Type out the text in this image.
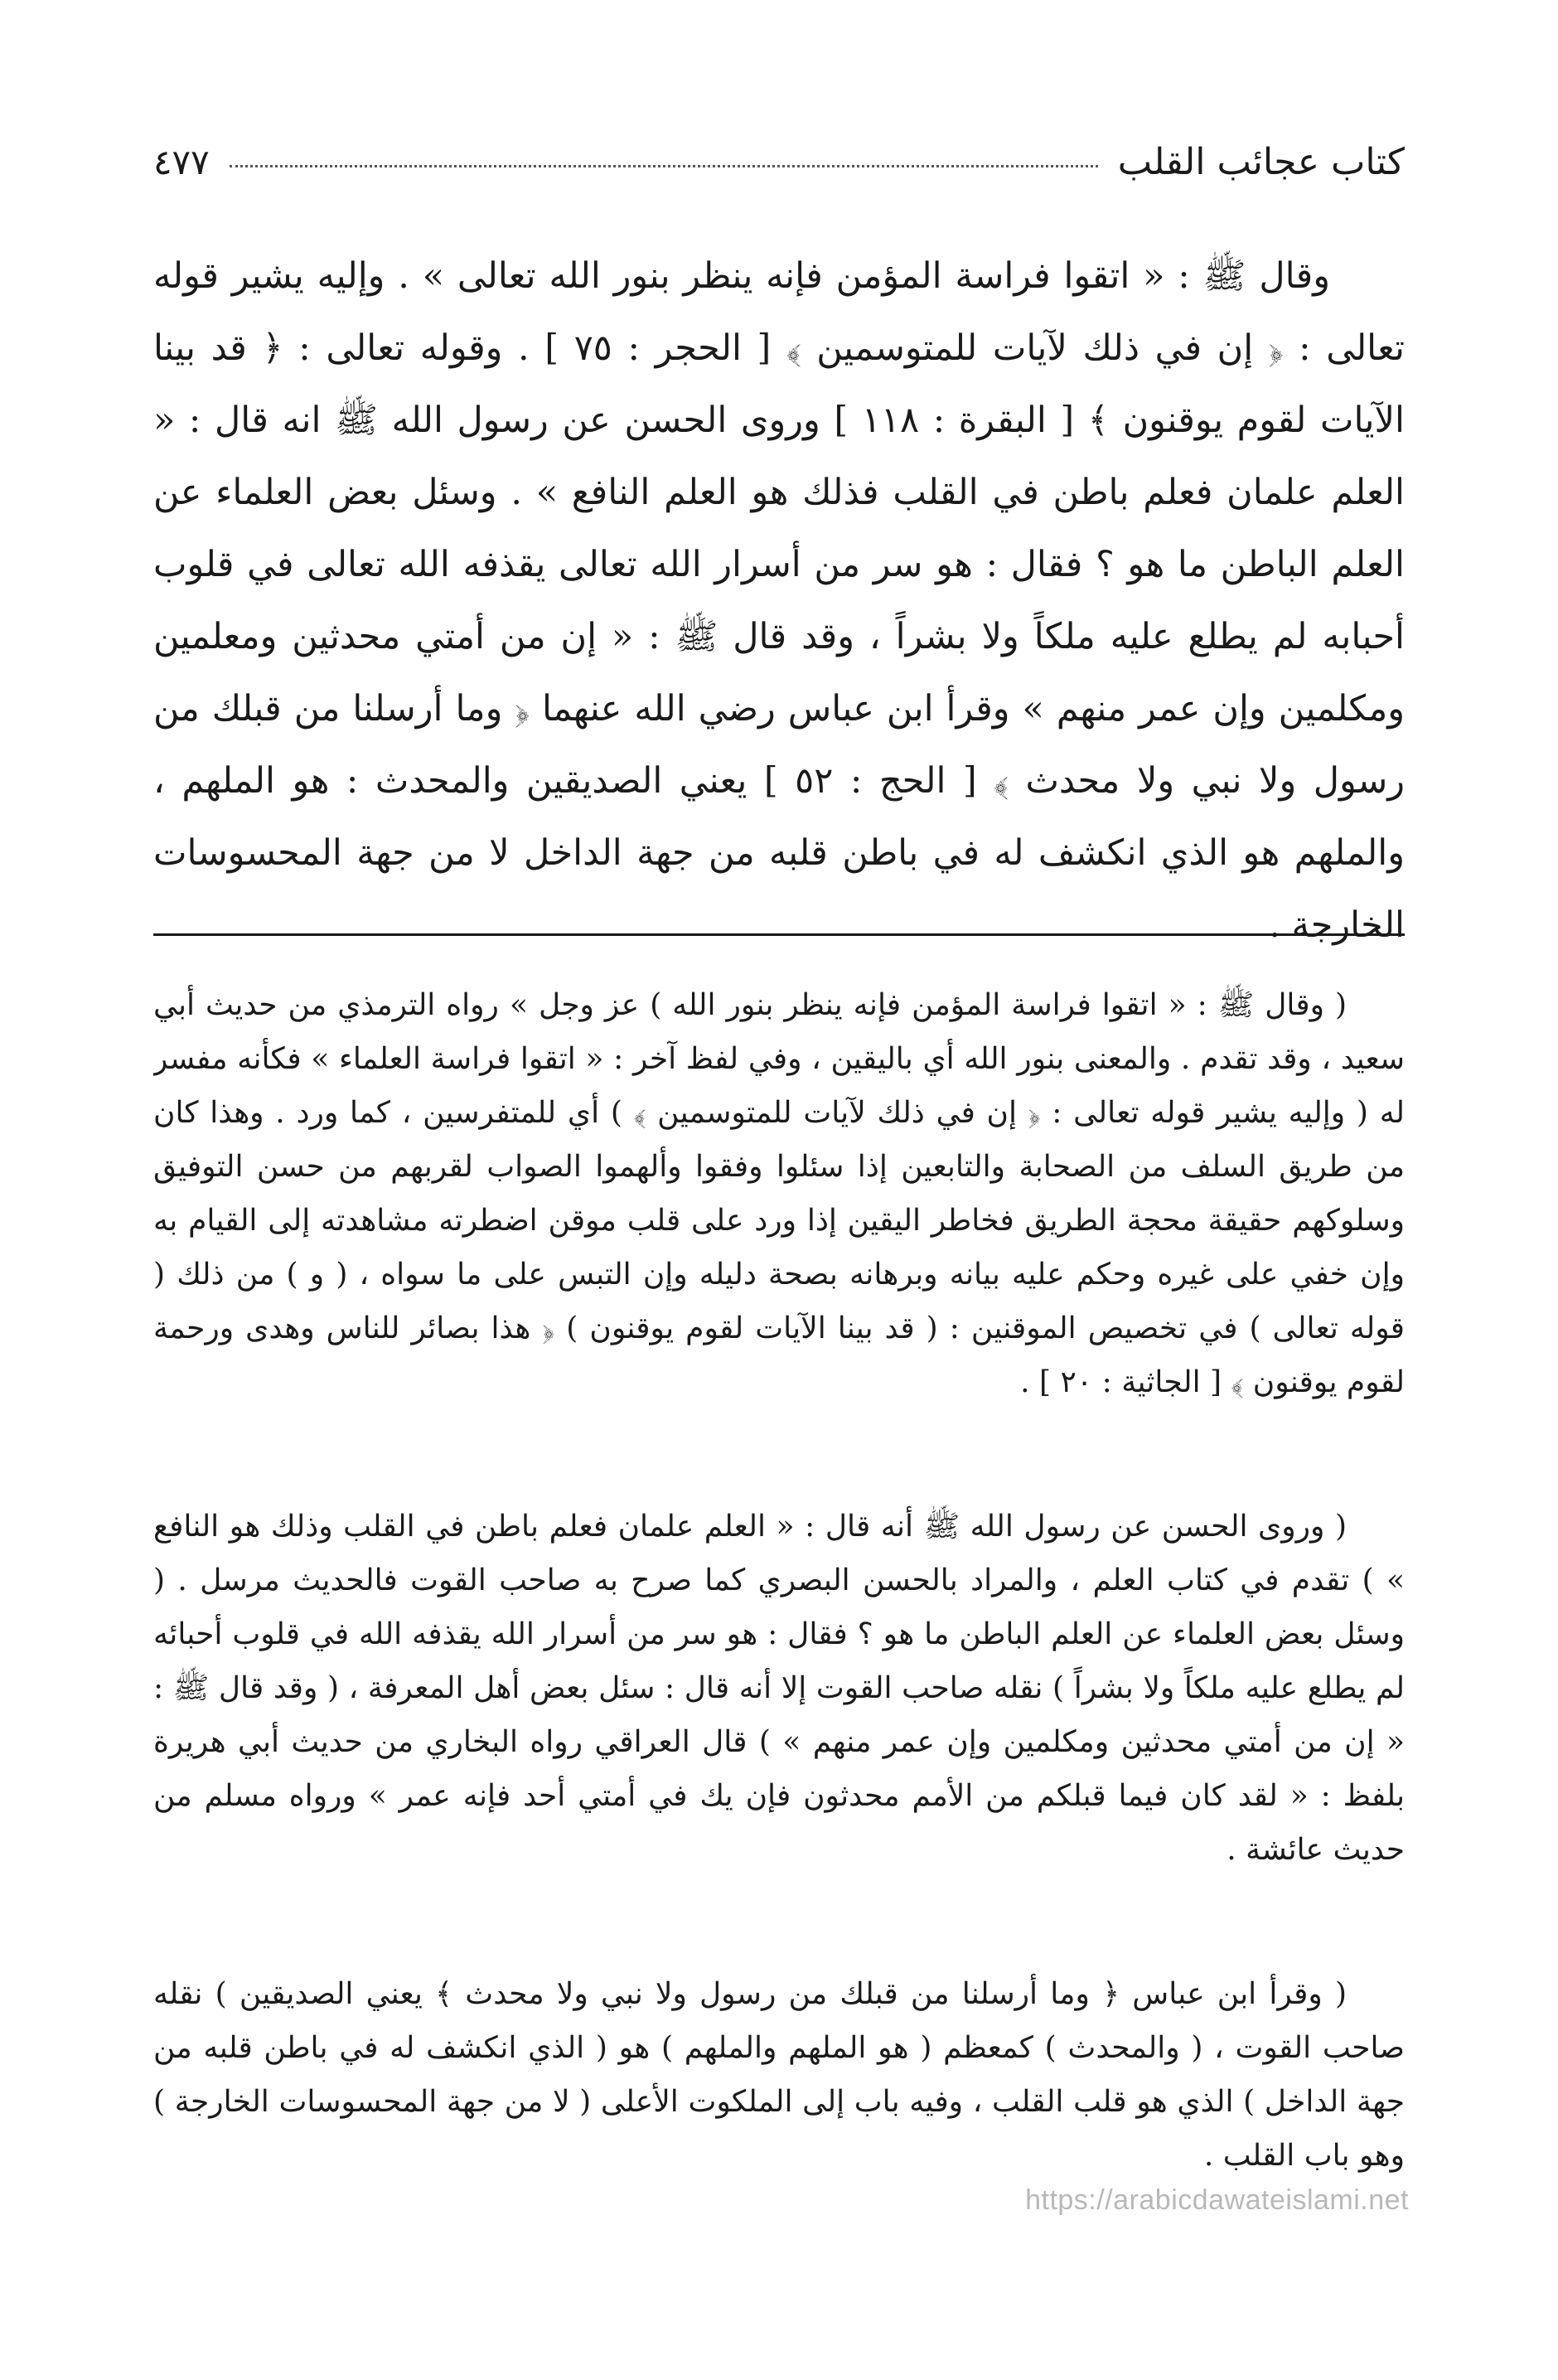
كتاب عجائب القلب
٤٧٧

وقال ﷺ : « اتقوا فراسة المؤمن فإنه ينظر بنور الله تعالى » . وإليه يشير قوله تعالى : ﴿ إن في ذلك لآيات للمتوسمين ﴾ [ الحجر : ٧٥ ] . وقوله تعالى : ﴿ قد بينا الآيات لقوم يوقنون ﴾ [ البقرة : ١١٨ ] وروى الحسن عن رسول الله ﷺ انه قال : « العلم علمان فعلم باطن في القلب فذلك هو العلم النافع » . وسئل بعض العلماء عن العلم الباطن ما هو ؟ فقال : هو سر من أسرار الله تعالى يقذفه الله تعالى في قلوب أحبابه لم يطلع عليه ملكاً ولا بشراً ، وقد قال ﷺ : « إن من أمتي محدثين ومعلمين ومكلمين وإن عمر منهم » وقرأ ابن عباس رضي الله عنهما ﴿ وما أرسلنا من قبلك من رسول ولا نبي ولا محدث ﴾ [ الحج : ٥٢ ] يعني الصديقين والمحدث : هو الملهم ، والملهم هو الذي انكشف له في باطن قلبه من جهة الداخل لا من جهة المحسوسات الخارجة .

( وقال ﷺ : « اتقوا فراسة المؤمن فإنه ينظر بنور الله ) عز وجل » رواه الترمذي من حديث أبي سعيد ، وقد تقدم . والمعنى بنور الله أي باليقين ، وفي لفظ آخر : « اتقوا فراسة العلماء » فكأنه مفسر له ( وإليه يشير قوله تعالى : ﴿ إن في ذلك لآيات للمتوسمين ﴾ ) أي للمتفرسين ، كما ورد . وهذا كان من طريق السلف من الصحابة والتابعين إذا سئلوا وفقوا وألهموا الصواب لقربهم من حسن التوفيق وسلوكهم حقيقة محجة الطريق فخاطر اليقين إذا ورد على قلب موقن اضطرته مشاهدته إلى القيام به وإن خفي على غيره وحكم عليه بيانه وبرهانه بصحة دليله وإن التبس على ما سواه ، ( و ) من ذلك ( قوله تعالى ) في تخصيص الموقنين : ( قد بينا الآيات لقوم يوقنون ) ﴿ هذا بصائر للناس وهدى ورحمة لقوم يوقنون ﴾ [ الجاثية : ٢٠ ] .

( وروى الحسن عن رسول الله ﷺ أنه قال : « العلم علمان فعلم باطن في القلب وذلك هو النافع » ) تقدم في كتاب العلم ، والمراد بالحسن البصري كما صرح به صاحب القوت فالحديث مرسل . ( وسئل بعض العلماء عن العلم الباطن ما هو ؟ فقال : هو سر من أسرار الله يقذفه الله في قلوب أحبائه لم يطلع عليه ملكاً ولا بشراً ) نقله صاحب القوت إلا أنه قال : سئل بعض أهل المعرفة ، ( وقد قال ﷺ : « إن من أمتي محدثين ومكلمين وإن عمر منهم » ) قال العراقي رواه البخاري من حديث أبي هريرة بلفظ : « لقد كان فيما قبلكم من الأمم محدثون فإن يك في أمتي أحد فإنه عمر » ورواه مسلم من حديث عائشة .

( وقرأ ابن عباس ﴿ وما أرسلنا من قبلك من رسول ولا نبي ولا محدث ﴾ يعني الصديقين ) نقله صاحب القوت ، ( والمحدث ) كمعظم ( هو الملهم والملهم ) هو ( الذي انكشف له في باطن قلبه من جهة الداخل ) الذي هو قلب القلب ، وفيه باب إلى الملكوت الأعلى ( لا من جهة المحسوسات الخارجة ) وهو باب القلب .

https://arabicdawateislami.net
